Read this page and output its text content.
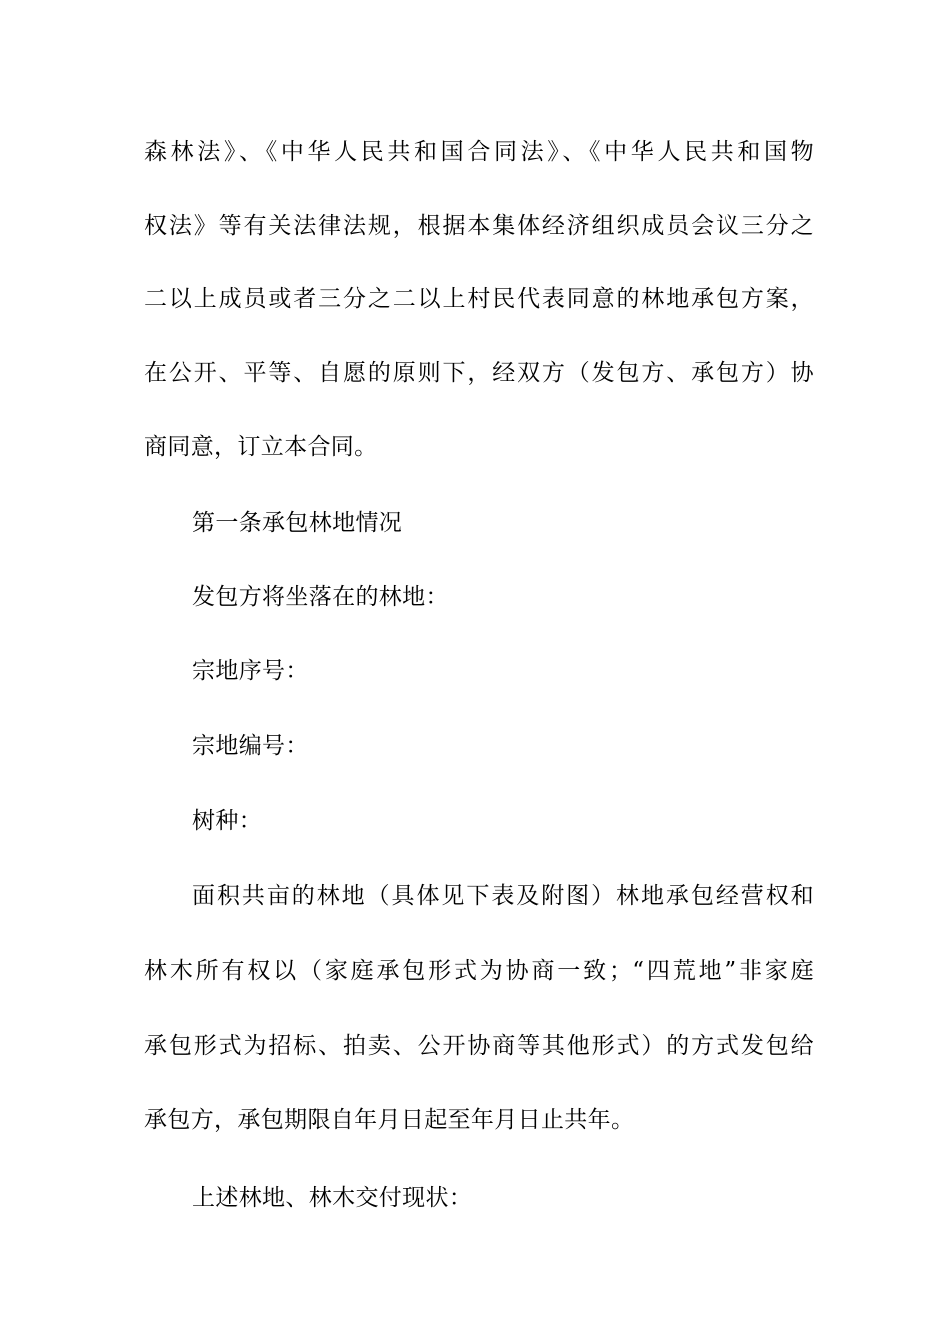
森林法》、《中华人民共和国合同法》、《中华人民共和国物
权法》等有关法律法规，根据本集体经济组织成员会议三分之
二以上成员或者三分之二以上村民代表同意的林地承包方案，
在公开、平等、自愿的原则下，经双方（发包方、承包方）协
商同意，订立本合同。
第一条承包林地情况
发包方将坐落在的林地：
宗地序号：
宗地编号：
树种：
面积共亩的林地（具体见下表及附图）林地承包经营权和
林木所有权以（家庭承包形式为协商一致；“四荒地”非家庭
承包形式为招标、拍卖、公开协商等其他形式）的方式发包给
承包方，承包期限自年月日起至年月日止共年。
上述林地、林木交付现状：
